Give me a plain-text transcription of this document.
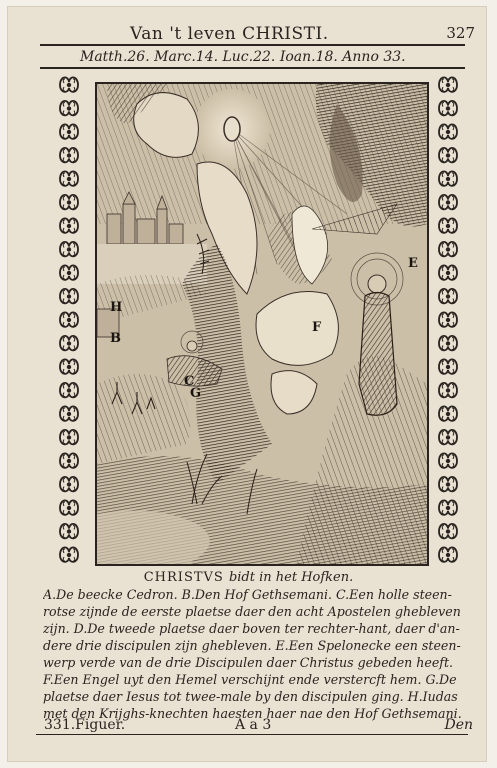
Van 't leven CHRISTI.	327
Matth.26. Marc.14. Luc.22. Ioan.18. Anno 33.
E
F
H
C
G
B
CHRISTVS bidt in het Hofken.
A.De beecke Cedron. B.Den Hof Gethsemani. C.Een holle steen-
rotse zijnde de eerste plaetse daer den acht Apostelen ghebleven
zijn. D.De tweede plaetse daer boven ter rechter-hant, daer d'an-
dere drie discipulen zijn ghebleven. E.Een Spelonecke een steen-
werp verde van de drie Discipulen daer Christus gebeden heeft.
F.Een Engel uyt den Hemel verschijnt ende verstercft hem. G.De
plaetse daer Iesus tot twee-male by den discipulen ging. H.Iudas
met den Krijghs-knechten haesten haer nae den Hof Gethsemani.
331.Figuer.	A a 3	Den
